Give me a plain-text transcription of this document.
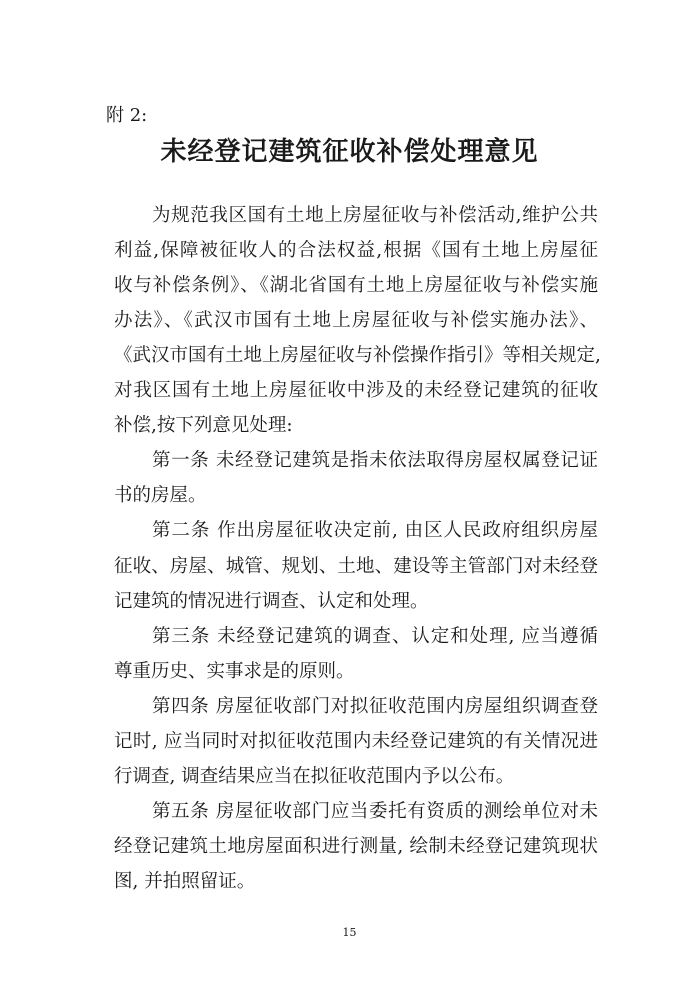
附 2:
未经登记建筑征收补偿处理意见
15
为规范我区国有土地上房屋征收与补偿活动,维护公共
利益,保障被征收人的合法权益,根据《国有土地上房屋征
收与补偿条例》、《湖北省国有土地上房屋征收与补偿实施
办法》、《武汉市国有土地上房屋征收与补偿实施办法》、
《武汉市国有土地上房屋征收与补偿操作指引》等相关规定,
对我区国有土地上房屋征收中涉及的未经登记建筑的征收
补偿,按下列意见处理:
第一条 未经登记建筑是指未依法取得房屋权属登记证
书的房屋。
第二条 作出房屋征收决定前, 由区人民政府组织房屋
征收、房屋、城管、规划、土地、建设等主管部门对未经登
记建筑的情况进行调查、认定和处理。
第三条 未经登记建筑的调查、认定和处理, 应当遵循
尊重历史、实事求是的原则。
第四条 房屋征收部门对拟征收范围内房屋组织调查登
记时, 应当同时对拟征收范围内未经登记建筑的有关情况进
行调查, 调查结果应当在拟征收范围内予以公布。
第五条 房屋征收部门应当委托有资质的测绘单位对未
经登记建筑土地房屋面积进行测量, 绘制未经登记建筑现状
图, 并拍照留证。
